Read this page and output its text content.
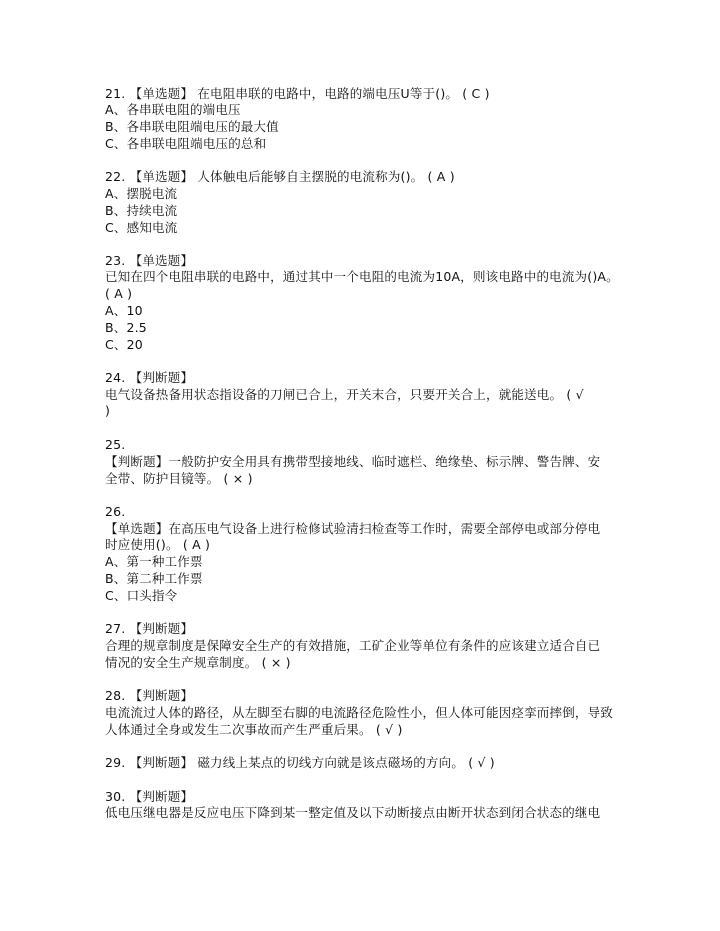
21. 【单选题】 在电阻串联的电路中，电路的端电压U等于()。 ( C )
A、各串联电阻的端电压
B、各串联电阻端电压的最大值
C、各串联电阻端电压的总和
22. 【单选题】 人体触电后能够自主摆脱的电流称为()。 ( A )
A、摆脱电流
B、持续电流
C、感知电流
23. 【单选题】
已知在四个电阻串联的电路中，通过其中一个电阻的电流为10A，则该电路中的电流为()A。
( A )
A、10
B、2.5
C、20
24. 【判断题】
电气设备热备用状态指设备的刀闸已合上，开关末合，只要开关合上，就能送电。 ( √
)
25.
【判断题】一般防护安全用具有携带型接地线、临时遮栏、绝缘垫、标示牌、警告牌、安
全带、防护目镜等。 ( × )
26.
【单选题】在高压电气设备上进行检修试验清扫检查等工作时，需要全部停电或部分停电
时应使用()。 ( A )
A、第一种工作票
B、第二种工作票
C、口头指令
27. 【判断题】
合理的规章制度是保障安全生产的有效措施，工矿企业等单位有条件的应该建立适合自已
情况的安全生产规章制度。 ( × )
28. 【判断题】
电流流过人体的路径，从左脚至右脚的电流路径危险性小，但人体可能因痉挛而摔倒，导致
人体通过全身或发生二次事故而产生严重后果。 ( √ )
29. 【判断题】 磁力线上某点的切线方向就是该点磁场的方向。 ( √ )
30. 【判断题】
低电压继电器是反应电压下降到某一整定值及以下动断接点由断开状态到闭合状态的继电
